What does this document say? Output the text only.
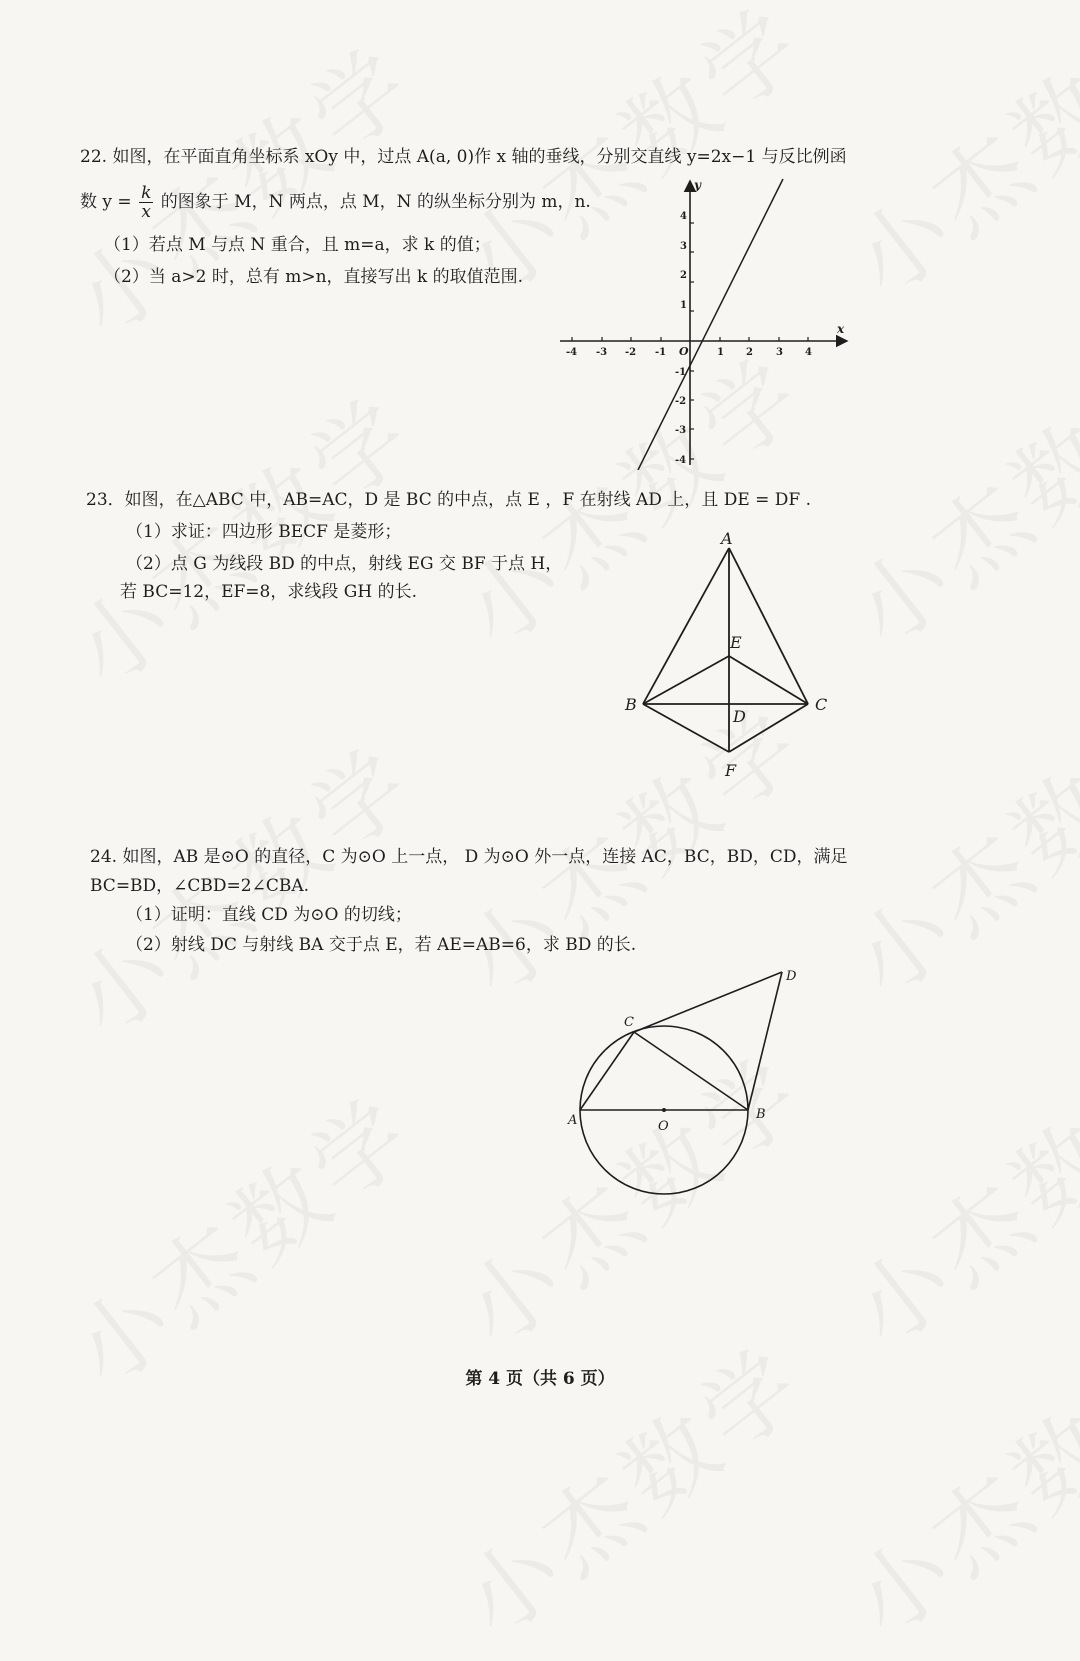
22. 如图，在平面直角坐标系 xOy 中，过点 A(a, 0)作 x 轴的垂线，分别交直线 y=2x−1 与反比例函
数 $y = \frac{k}{x}$ 的图象于 M，N 两点，点 M，N 的纵坐标分别为 m，n.
（1）若点 M 与点 N 重合，且 m=a，求 k 的值；
（2）当 a>2 时，总有 m>n，直接写出 k 的取值范围.
x
y
O
-4 -3 -2 -1	1 2 3 4
4
3
2
1
-1
-2
-3
-4
23．如图，在△ABC 中，AB=AC，D 是 BC 的中点，点 E ，F 在射线 AD 上，且 DE = DF .
（1）求证：四边形 BECF 是菱形；
（2）点 G 为线段 BD 的中点，射线 EG 交 BF 于点 H，
若 BC=12，EF=8，求线段 GH 的长.
A
B	C
D
E
F
24. 如图，AB 是⊙O 的直径，C 为⊙O 上一点， D 为⊙O 外一点，连接 AC，BC，BD，CD，满足
BC=BD，∠CBD=2∠CBA.
（1）证明：直线 CD 为⊙O 的切线；
（2）射线 DC 与射线 BA 交于点 E，若 AE=AB=6，求 BD 的长.
A	B
C
D
O
第 4 页（共 6 页）
